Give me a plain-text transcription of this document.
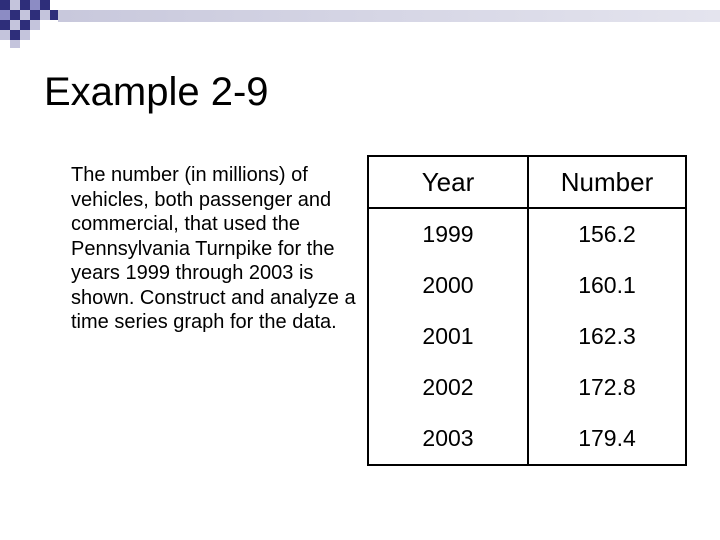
Example 2-9

The number (in millions) of vehicles, both passenger and commercial, that used the Pennsylvania Turnpike for the years 1999 through 2003 is shown. Construct and analyze a time series graph for the data.

Year	Number
1999	156.2
2000	160.1
2001	162.3
2002	172.8
2003	179.4
